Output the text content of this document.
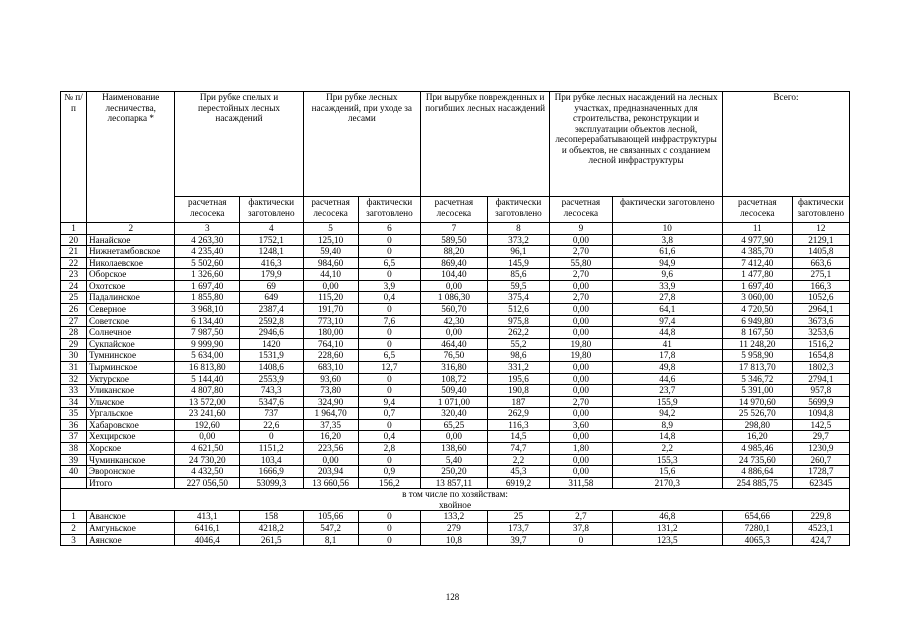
№ п/п	Наименование лесничества, лесопарка *	При рубке спелых и перестойных лесных насаждений		При рубке лесных насаждений, при уходе за лесами		При вырубке поврежденных и погибших лесных насаждений		При рубке лесных насаждений на лесных участках, предназначенных для строительства, реконструкции и эксплуатации объектов лесной, лесоперерабатывающей инфраструктуры и объектов, не связанных с созданием лесной инфраструктуры		Всего:	
		расчетная лесосека	фактически заготовлено	расчетная лесосека	фактически заготовлено	расчетная лесосека	фактически заготовлено	расчетная лесосека	фактически заготовлено	расчетная лесосека	фактически заготовлено
1	2	3	4	5	6	7	8	9	10	11	12
20	Нанайское	4 263,30	1752,1	125,10	0	589,50	373,2	0,00	3,8	4 977,90	2129,1
21	Нижнетамбовское	4 235,40	1248,1	59,40	0	88,20	96,1	2,70	61,6	4 385,70	1405,8
22	Николаевское	5 502,60	416,3	984,60	6,5	869,40	145,9	55,80	94,9	7 412,40	663,6
23	Оборское	1 326,60	179,9	44,10	0	104,40	85,6	2,70	9,6	1 477,80	275,1
24	Охотское	1 697,40	69	0,00	3,9	0,00	59,5	0,00	33,9	1 697,40	166,3
25	Падалинское	1 855,80	649	115,20	0,4	1 086,30	375,4	2,70	27,8	3 060,00	1052,6
26	Северное	3 968,10	2387,4	191,70	0	560,70	512,6	0,00	64,1	4 720,50	2964,1
27	Советское	6 134,40	2592,8	773,10	7,6	42,30	975,8	0,00	97,4	6 949,80	3673,6
28	Солнечное	7 987,50	2946,6	180,00	0	0,00	262,2	0,00	44,8	8 167,50	3253,6
29	Сукпайское	9 999,90	1420	764,10	0	464,40	55,2	19,80	41	11 248,20	1516,2
30	Тумнинское	5 634,00	1531,9	228,60	6,5	76,50	98,6	19,80	17,8	5 958,90	1654,8
31	Тырминское	16 813,80	1408,6	683,10	12,7	316,80	331,2	0,00	49,8	17 813,70	1802,3
32	Уктурское	5 144,40	2553,9	93,60	0	108,72	195,6	0,00	44,6	5 346,72	2794,1
33	Уликанское	4 807,80	743,3	73,80	0	509,40	190,8	0,00	23,7	5 391,00	957,8
34	Ульчское	13 572,00	5347,6	324,90	9,4	1 071,00	187	2,70	155,9	14 970,60	5699,9
35	Ургальское	23 241,60	737	1 964,70	0,7	320,40	262,9	0,00	94,2	25 526,70	1094,8
36	Хабаровское	192,60	22,6	37,35	0	65,25	116,3	3,60	8,9	298,80	142,5
37	Хехцирское	0,00	0	16,20	0,4	0,00	14,5	0,00	14,8	16,20	29,7
38	Хорское	4 621,50	1151,2	223,56	2,8	138,60	74,7	1,80	2,2	4 985,46	1230,9
39	Чуминканское	24 730,20	103,4	0,00	0	5,40	2,2	0,00	155,3	24 735,60	260,7
40	Эворонское	4 432,50	1666,9	203,94	0,9	250,20	45,3	0,00	15,6	4 886,64	1728,7
	Итого	227 056,50	53099,3	13 660,56	156,2	13 857,11	6919,2	311,58	2170,3	254 885,75	62345

в том числе по хозяйствам:
хвойное											

1	Аванское	413,1	158	105,66	0	133,2	25	2,7	46,8	654,66	229,8
2	Амгуньское	6416,1	4218,2	547,2	0	279	173,7	37,8	131,2	7280,1	4523,1
3	Аянское	4046,4	261,5	8,1	0	10,8	39,7	0	123,5	4065,3	424,7
128
